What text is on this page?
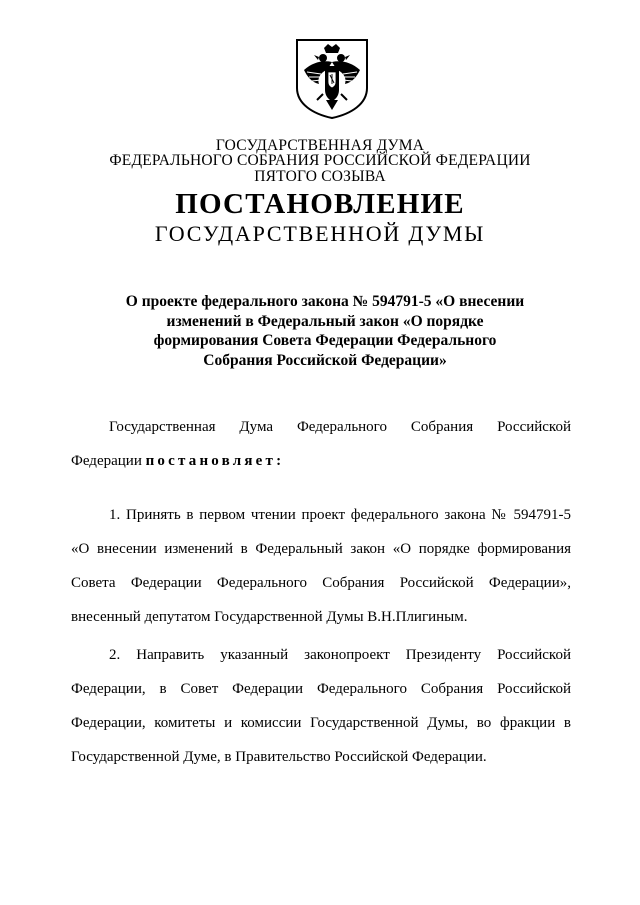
ГОСУДАРСТВЕННАЯ ДУМА
ФЕДЕРАЛЬНОГО СОБРАНИЯ РОССИЙСКОЙ ФЕДЕРАЦИИ
ПЯТОГО СОЗЫВА
ПОСТАНОВЛЕНИЕ
ГОСУДАРСТВЕННОЙ ДУМЫ
О проекте федерального закона № 594791-5 «О внесении
изменений в Федеральный закон «О порядке
формирования Совета Федерации Федерального
Собрания Российской Федерации»
Государственная Дума Федерального Собрания Российской
Федерации постановляет:
1. Принять в первом чтении проект федерального закона № 594791-5
«О внесении изменений в Федеральный закон «О порядке формирования
Совета Федерации Федерального Собрания Российской Федерации»,
внесенный депутатом Государственной Думы В.Н.Плигиным.
2. Направить указанный законопроект Президенту Российской
Федерации, в Совет Федерации Федерального Собрания Российской
Федерации, комитеты и комиссии Государственной Думы, во фракции в
Государственной Думе, в Правительство Российской Федерации.
